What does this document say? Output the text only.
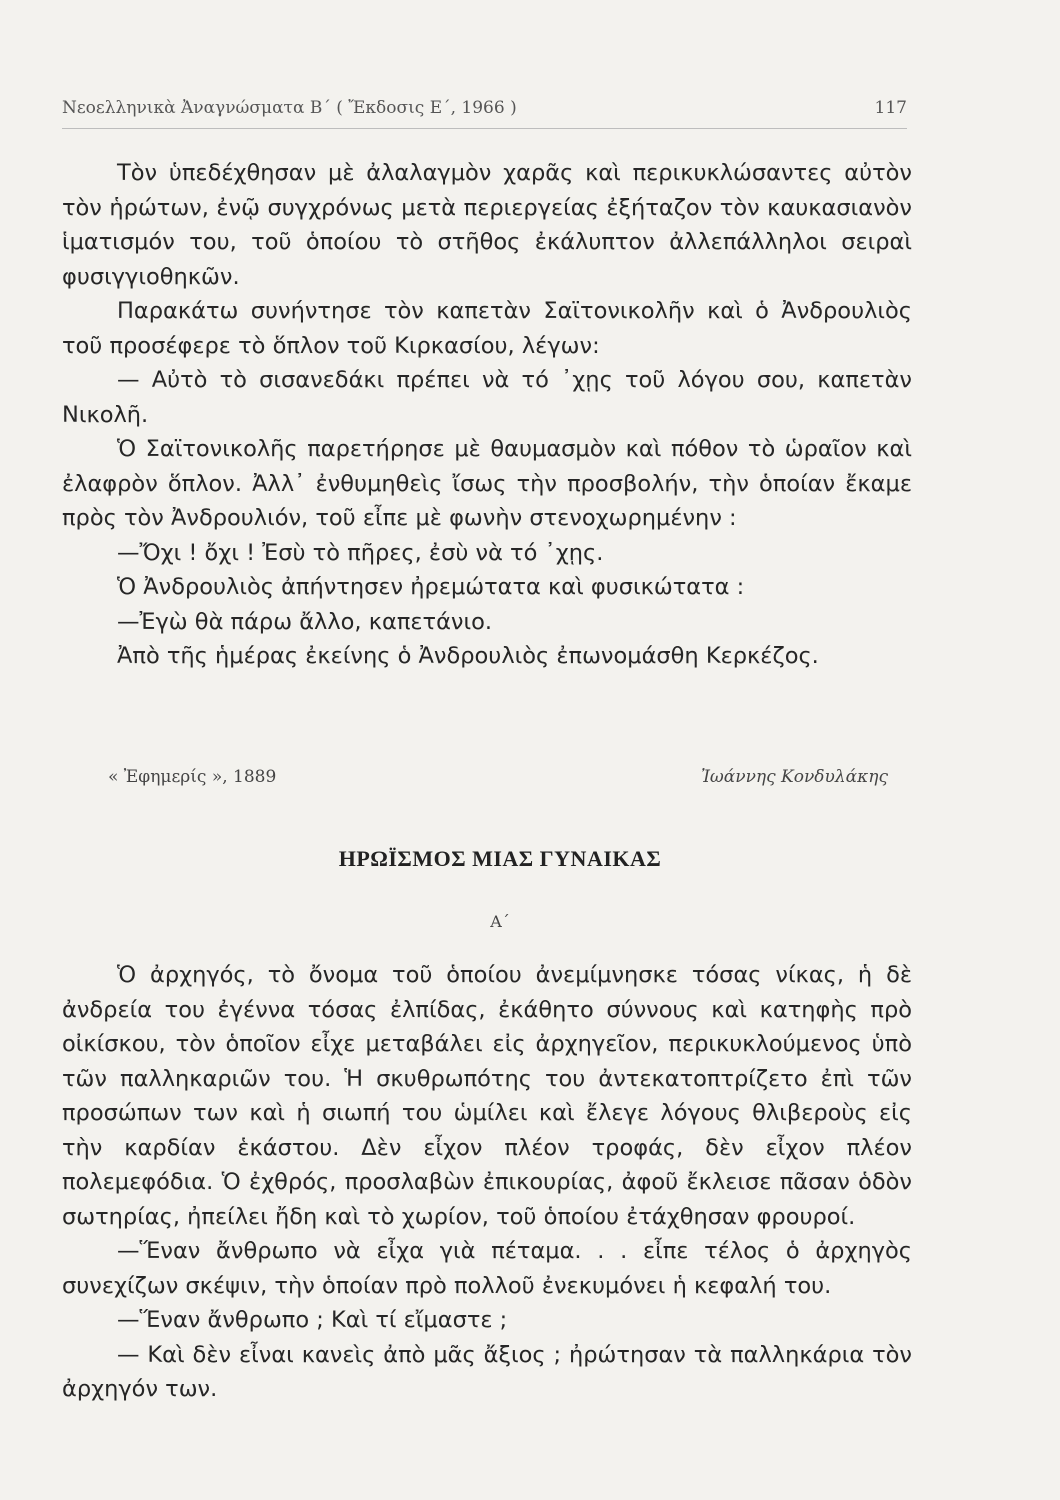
Νεοελληνικὰ Ἀναγνώσματα Β΄ ( Ἔκδοσις Ε΄, 1966 )	117

Τὸν ὑπεδέχθησαν μὲ ἀλαλαγμὸν χαρᾶς καὶ περικυκλώσαντες αὐτὸν τὸν ἡρώτων, ἐνῷ συγχρόνως μετὰ περιεργείας ἐξήταζον τὸν καυκασιανὸν ἱματισμόν του, τοῦ ὁποίου τὸ στῆθος ἐκάλυπτον ἀλλεπάλληλοι σειραὶ φυσιγγιοθηκῶν.

Παρακάτω συνήντησε τὸν καπετὰν Σαϊτονικολῆν καὶ ὁ Ἀνδρουλιὸς τοῦ προσέφερε τὸ ὅπλον τοῦ Κιρκασίου, λέγων:

— Αὐτὸ τὸ σισανεδάκι πρέπει νὰ τό ᾽χῃς τοῦ λόγου σου, καπετὰν Νικολῆ.

Ὁ Σαϊτονικολῆς παρετήρησε μὲ θαυμασμὸν καὶ πόθον τὸ ὡραῖον καὶ ἐλαφρὸν ὅπλον. Ἀλλ᾽ ἐνθυμηθεὶς ἴσως τὴν προσβολήν, τὴν ὁποίαν ἔκαμε πρὸς τὸν Ἀνδρουλιόν, τοῦ εἶπε μὲ φωνὴν στενοχωρημένην :

—Ὄχι ! ὄχι ! Ἐσὺ τὸ πῆρες, ἐσὺ νὰ τό ᾽χῃς.

Ὁ Ἀνδρουλιὸς ἀπήντησεν ἠρεμώτατα καὶ φυσικώτατα :

—Ἐγὼ θὰ πάρω ἄλλο, καπετάνιο.

Ἀπὸ τῆς ἡμέρας ἐκείνης ὁ Ἀνδρουλιὸς ἐπωνομάσθη Κερκέζος.

« Ἐφημερίς », 1889	Ἰωάννης Κονδυλάκης
ΗΡΩΪΣΜΟΣ ΜΙΑΣ ΓΥΝΑΙΚΑΣ
Α΄

Ὁ ἀρχηγός, τὸ ὄνομα τοῦ ὁποίου ἀνεμίμνησκε τόσας νίκας, ἡ δὲ ἀνδρεία του ἐγέννα τόσας ἐλπίδας, ἐκάθητο σύννους καὶ κατηφὴς πρὸ οἰκίσκου, τὸν ὁποῖον εἶχε μεταβάλει εἰς ἀρχηγεῖον, περικυκλούμενος ὑπὸ τῶν παλληκαριῶν του. Ἡ σκυθρωπότης του ἀντεκατοπτρίζετο ἐπὶ τῶν προσώπων των καὶ ἡ σιωπή του ὡμίλει καὶ ἔλεγε λόγους θλιβεροὺς εἰς τὴν καρδίαν ἑκάστου. Δὲν εἶχον πλέον τροφάς, δὲν εἶχον πλέον πολεμεφόδια. Ὁ ἐχθρός, προσλαβὼν ἐπικουρίας, ἀφοῦ ἔκλεισε πᾶσαν ὁδὸν σωτηρίας, ἠπείλει ἤδη καὶ τὸ χωρίον, τοῦ ὁποίου ἐτάχθησαν φρουροί.

—Ἕναν ἄνθρωπο νὰ εἶχα γιὰ πέταμα. . . εἶπε τέλος ὁ ἀρχηγὸς συνεχίζων σκέψιν, τὴν ὁποίαν πρὸ πολλοῦ ἐνεκυμόνει ἡ κεφαλή του.

—Ἕναν ἄνθρωπο ; Καὶ τί εἴμαστε ;

— Καὶ δὲν εἶναι κανεὶς ἀπὸ μᾶς ἄξιος ; ἠρώτησαν τὰ παλληκάρια τὸν ἀρχηγόν των.
